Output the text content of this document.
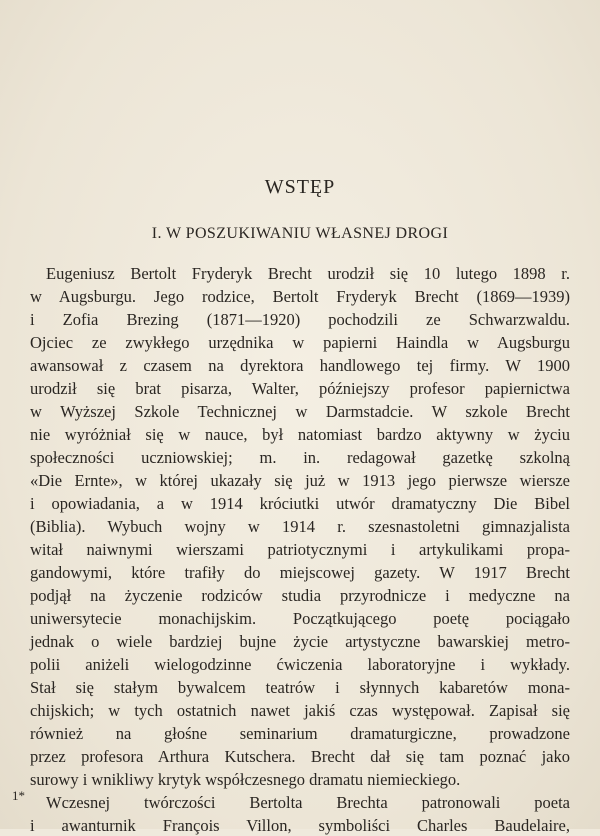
WSTĘP
I. W POSZUKIWANIU WŁASNEJ DROGI
Eugeniusz Bertolt Fryderyk Brecht urodził się 10 lutego 1898 r.
w Augsburgu. Jego rodzice, Bertolt Fryderyk Brecht (1869—1939)
i Zofia Brezing (1871—1920) pochodzili ze Schwarzwaldu.
Ojciec ze zwykłego urzędnika w papierni Haindla w Augsburgu
awansował z czasem na dyrektora handlowego tej firmy. W 1900
urodził się brat pisarza, Walter, późniejszy profesor papiernictwa
w Wyższej Szkole Technicznej w Darmstadcie. W szkole Brecht
nie wyróżniał się w nauce, był natomiast bardzo aktywny w życiu
społeczności uczniowskiej; m. in. redagował gazetkę szkolną
«Die Ernte», w której ukazały się już w 1913 jego pierwsze wiersze
i opowiadania, a w 1914 króciutki utwór dramatyczny Die Bibel
(Biblia). Wybuch wojny w 1914 r. szesnastoletni gimnazjalista
witał naiwnymi wierszami patriotycznymi i artykulikami propa-
gandowymi, które trafiły do miejscowej gazety. W 1917 Brecht
podjął na życzenie rodziców studia przyrodnicze i medyczne na
uniwersytecie monachijskim. Początkującego poetę pociągało
jednak o wiele bardziej bujne życie artystyczne bawarskiej metro-
polii aniżeli wielogodzinne ćwiczenia laboratoryjne i wykłady.
Stał się stałym bywalcem teatrów i słynnych kabaretów mona-
chijskich; w tych ostatnich nawet jakiś czas występował. Zapisał się
również na głośne seminarium dramaturgiczne, prowadzone
przez profesora Arthura Kutschera. Brecht dał się tam poznać jako
surowy i wnikliwy krytyk współczesnego dramatu niemieckiego.
Wczesnej twórczości Bertolta Brechta patronowali poeta
i awanturnik François Villon, symboliści Charles Baudelaire,
1*
